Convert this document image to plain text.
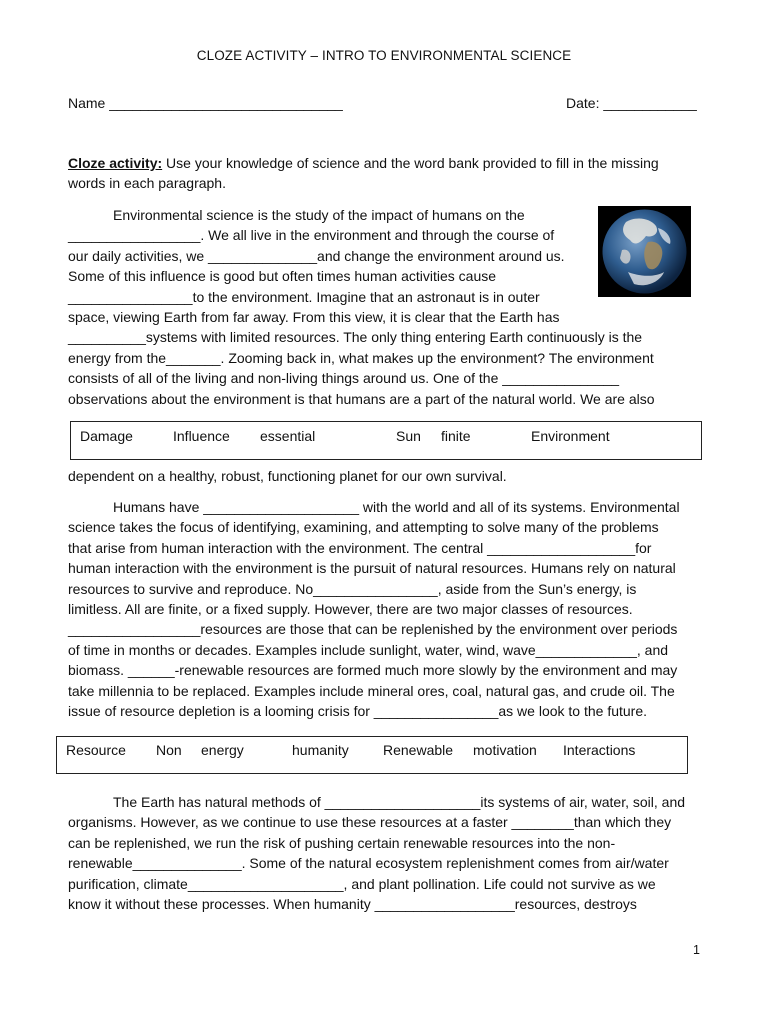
CLOZE ACTIVITY – INTRO TO ENVIRONMENTAL SCIENCE
Name ______________________________	Date: ____________
Cloze activity: Use your knowledge of science and the word bank provided to fill in the missing
words in each paragraph.
Environmental science is the study of the impact of humans on the
_________________. We all live in the environment and through the course of
our daily activities, we ______________and change the environment around us.
Some of this influence is good but often times human activities cause
________________to the environment. Imagine that an astronaut is in outer
space, viewing Earth from far away. From this view, it is clear that the Earth has
__________systems with limited resources. The only thing entering Earth continuously is the
energy from the_______. Zooming back in, what makes up the environment? The environment
consists of all of the living and non-living things around us. One of the _______________
observations about the environment is that humans are a part of the natural world. We are also
Damage	Influence essential	Sun finite	Environment
dependent on a healthy, robust, functioning planet for our own survival.
Humans have ____________________ with the world and all of its systems. Environmental
science takes the focus of identifying, examining, and attempting to solve many of the problems
that arise from human interaction with the environment. The central ___________________for
human interaction with the environment is the pursuit of natural resources. Humans rely on natural
resources to survive and reproduce. No________________, aside from the Sun’s energy, is
limitless. All are finite, or a fixed supply. However, there are two major classes of resources.
_________________resources are those that can be replenished by the environment over periods
of time in months or decades. Examples include sunlight, water, wind, wave_____________, and
biomass. ______-renewable resources are formed much more slowly by the environment and may
take millennia to be replaced. Examples include mineral ores, coal, natural gas, and crude oil. The
issue of resource depletion is a looming crisis for ________________as we look to the future.
Resource Non energy	humanity Renewable motivation Interactions
The Earth has natural methods of ____________________its systems of air, water, soil, and
organisms. However, as we continue to use these resources at a faster ________than which they
can be replenished, we run the risk of pushing certain renewable resources into the non-
renewable______________. Some of the natural ecosystem replenishment comes from air/water
purification, climate____________________, and plant pollination. Life could not survive as we
know it without these processes. When humanity __________________resources, destroys
1
